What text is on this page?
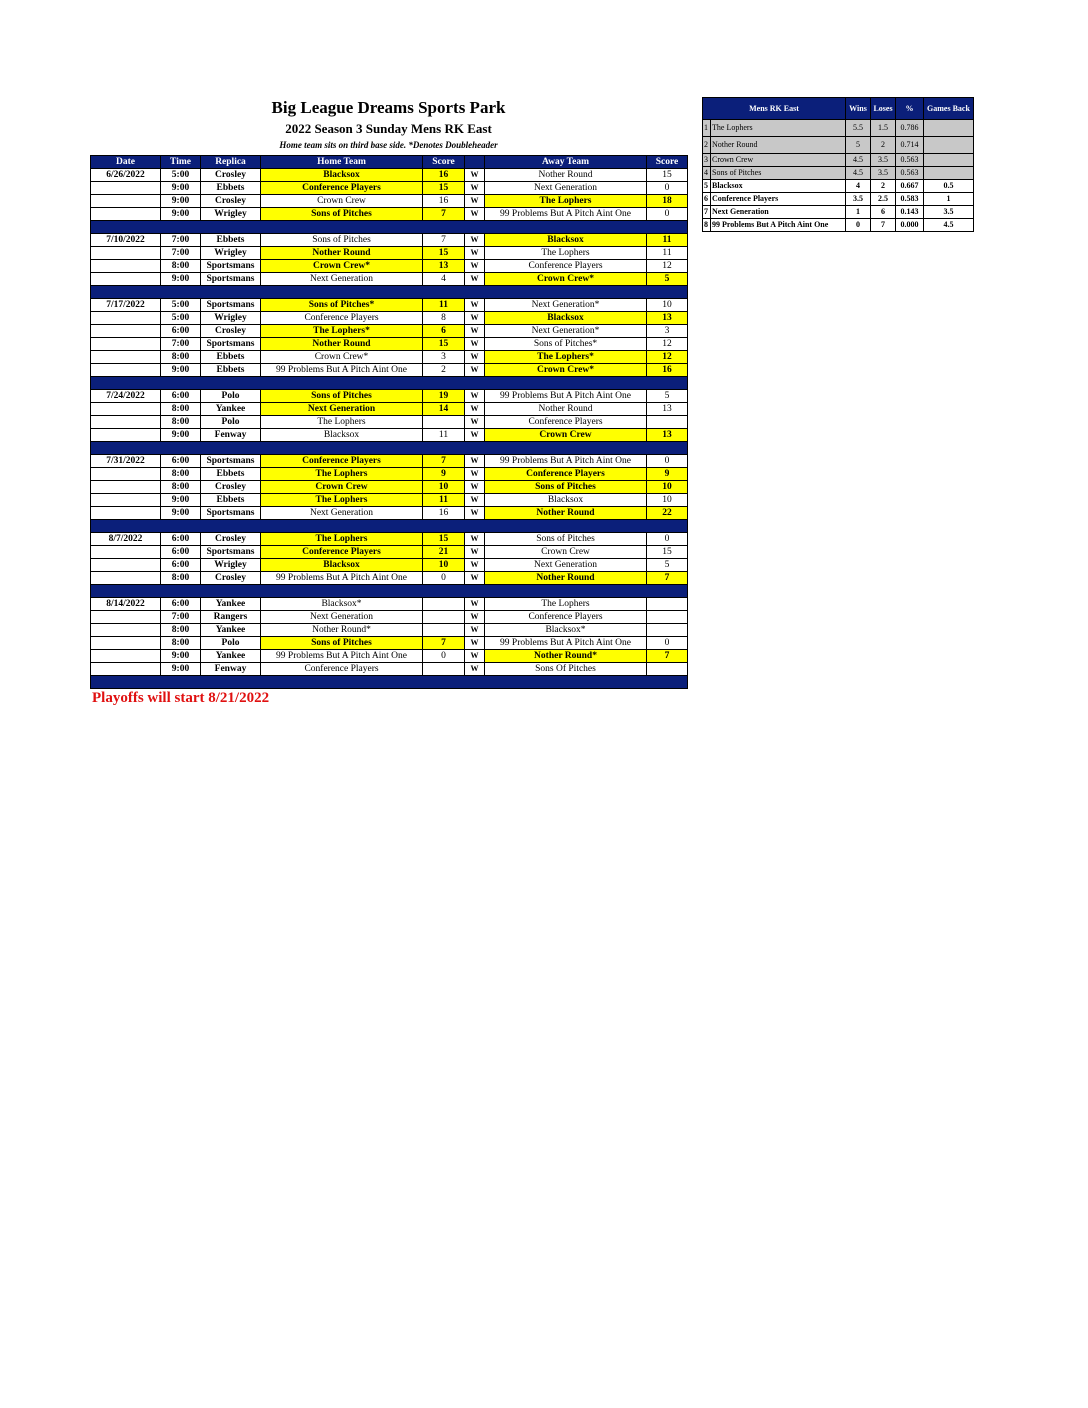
Big League Dreams Sports Park
2022 Season 3 Sunday Mens RK East
Home team sits on third base side. *Denotes Doubleheader
Date	Time	Replica	Home Team	Score		Away Team	Score
6/26/2022	5:00	Crosley	Blacksox	16	W	Nother Round	15
	9:00	Ebbets	Conference Players	15	W	Next Generation	0
	9:00	Crosley	Crown Crew	16	W	The Lophers	18
	9:00	Wrigley	Sons of Pitches	7	W	99 Problems But A Pitch Aint One	0

7/10/2022	7:00	Ebbets	Sons of Pitches	7	W	Blacksox	11
	7:00	Wrigley	Nother Round	15	W	The Lophers	11
	8:00	Sportsmans	Crown Crew*	13	W	Conference Players	12
	9:00	Sportsmans	Next Generation	4	W	Crown Crew*	5

7/17/2022	5:00	Sportsmans	Sons of Pitches*	11	W	Next Generation*	10
	5:00	Wrigley	Conference Players	8	W	Blacksox	13
	6:00	Crosley	The Lophers*	6	W	Next Generation*	3
	7:00	Sportsmans	Nother Round	15	W	Sons of Pitches*	12
	8:00	Ebbets	Crown Crew*	3	W	The Lophers*	12
	9:00	Ebbets	99 Problems But A Pitch Aint One	2	W	Crown Crew*	16

7/24/2022	6:00	Polo	Sons of Pitches	19	W	99 Problems But A Pitch Aint One	5
	8:00	Yankee	Next Generation	14	W	Nother Round	13
	8:00	Polo	The Lophers		W	Conference Players	
	9:00	Fenway	Blacksox	11	W	Crown Crew	13

7/31/2022	6:00	Sportsmans	Conference Players	7	W	99 Problems But A Pitch Aint One	0
	8:00	Ebbets	The Lophers	9	W	Conference Players	9
	8:00	Crosley	Crown Crew	10	W	Sons of Pitches	10
	9:00	Ebbets	The Lophers	11	W	Blacksox	10
	9:00	Sportsmans	Next Generation	16	W	Nother Round	22

8/7/2022	6:00	Crosley	The Lophers	15	W	Sons of Pitches	0
	6:00	Sportsmans	Conference Players	21	W	Crown Crew	15
	6:00	Wrigley	Blacksox	10	W	Next Generation	5
	8:00	Crosley	99 Problems But A Pitch Aint One	0	W	Nother Round	7

8/14/2022	6:00	Yankee	Blacksox*		W	The Lophers	
	7:00	Rangers	Next Generation		W	Conference Players	
	8:00	Yankee	Nother Round*		W	Blacksox*	
	8:00	Polo	Sons of Pitches	7	W	99 Problems But A Pitch Aint One	0
	9:00	Yankee	99 Problems But A Pitch Aint One	0	W	Nother Round*	7
	9:00	Fenway	Conference Players		W	Sons Of Pitches	

Playoffs will start 8/21/2022
Mens RK East		Wins	Loses	%	Games Back
1	The Lophers	5.5	1.5	0.786	
2	Nother Round	5	2	0.714	
3	Crown Crew	4.5	3.5	0.563	
4	Sons of Pitches	4.5	3.5	0.563	
5	Blacksox	4	2	0.667	0.5
6	Conference Players	3.5	2.5	0.583	1
7	Next Generation	1	6	0.143	3.5
8	99 Problems But A Pitch Aint One	0	7	0.000	4.5
